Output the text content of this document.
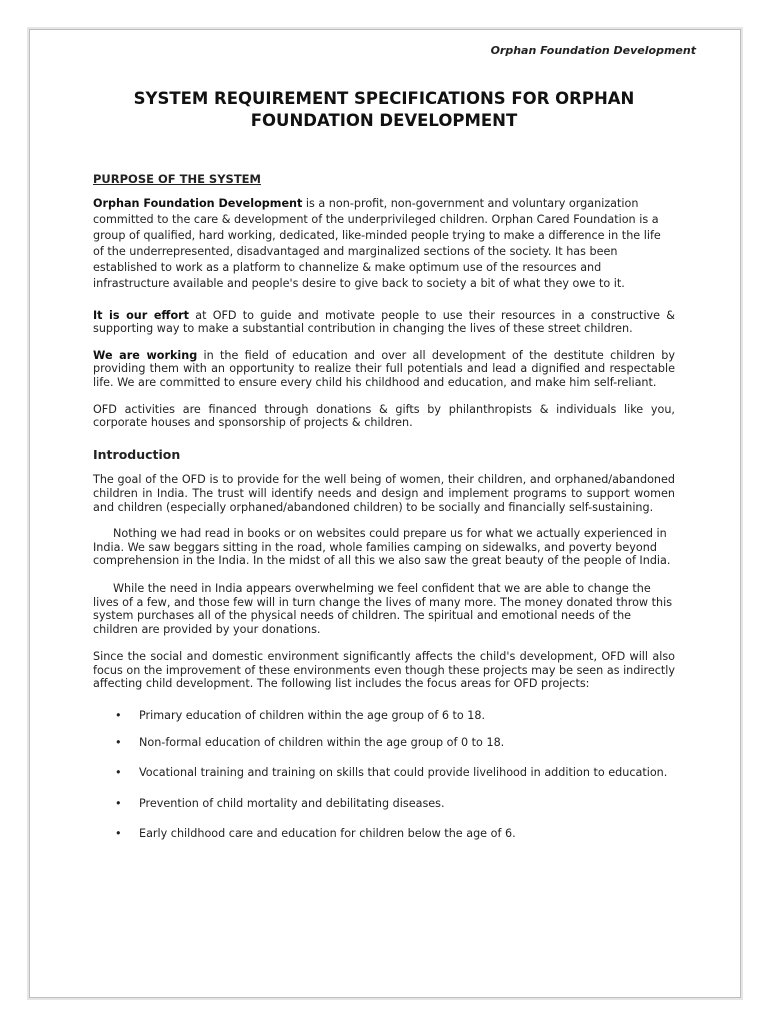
Orphan Foundation Development
SYSTEM REQUIREMENT SPECIFICATIONS FOR ORPHAN FOUNDATION DEVELOPMENT
PURPOSE OF THE SYSTEM

Orphan Foundation Development is a non-profit, non-government and voluntary organization committed to the care & development of the underprivileged children. Orphan Cared Foundation is a group of qualified, hard working, dedicated, like-minded people trying to make a difference in the life of the underrepresented, disadvantaged and marginalized sections of the society. It has been established to work as a platform to channelize & make optimum use of the resources and infrastructure available and people's desire to give back to society a bit of what they owe to it.

It is our effort at OFD to guide and motivate people to use their resources in a constructive & supporting way to make a substantial contribution in changing the lives of these street children.

We are working in the field of education and over all development of the destitute children by providing them with an opportunity to realize their full potentials and lead a dignified and respectable life. We are committed to ensure every child his childhood and education, and make him self-reliant.

OFD activities are financed through donations & gifts by philanthropists & individuals like you, corporate houses and sponsorship of projects & children.

Introduction

The goal of the OFD is to provide for the well being of women, their children, and orphaned/abandoned children in India. The trust will identify needs and design and implement programs to support women and children (especially orphaned/abandoned children) to be socially and financially self-sustaining.

Nothing we had read in books or on websites could prepare us for what we actually experienced in India. We saw beggars sitting in the road, whole families camping on sidewalks, and poverty beyond comprehension in the India. In the midst of all this we also saw the great beauty of the people of India.

While the need in India appears overwhelming we feel confident that we are able to change the lives of a few, and those few will in turn change the lives of many more. The money donated throw this system purchases all of the physical needs of children. The spiritual and emotional needs of the children are provided by your donations.

Since the social and domestic environment significantly affects the child's development, OFD will also focus on the improvement of these environments even though these projects may be seen as indirectly affecting child development. The following list includes the focus areas for OFD projects:

• Primary education of children within the age group of 6 to 18.
• Non-formal education of children within the age group of 0 to 18.
• Vocational training and training on skills that could provide livelihood in addition to education.
• Prevention of child mortality and debilitating diseases.
• Early childhood care and education for children below the age of 6.
